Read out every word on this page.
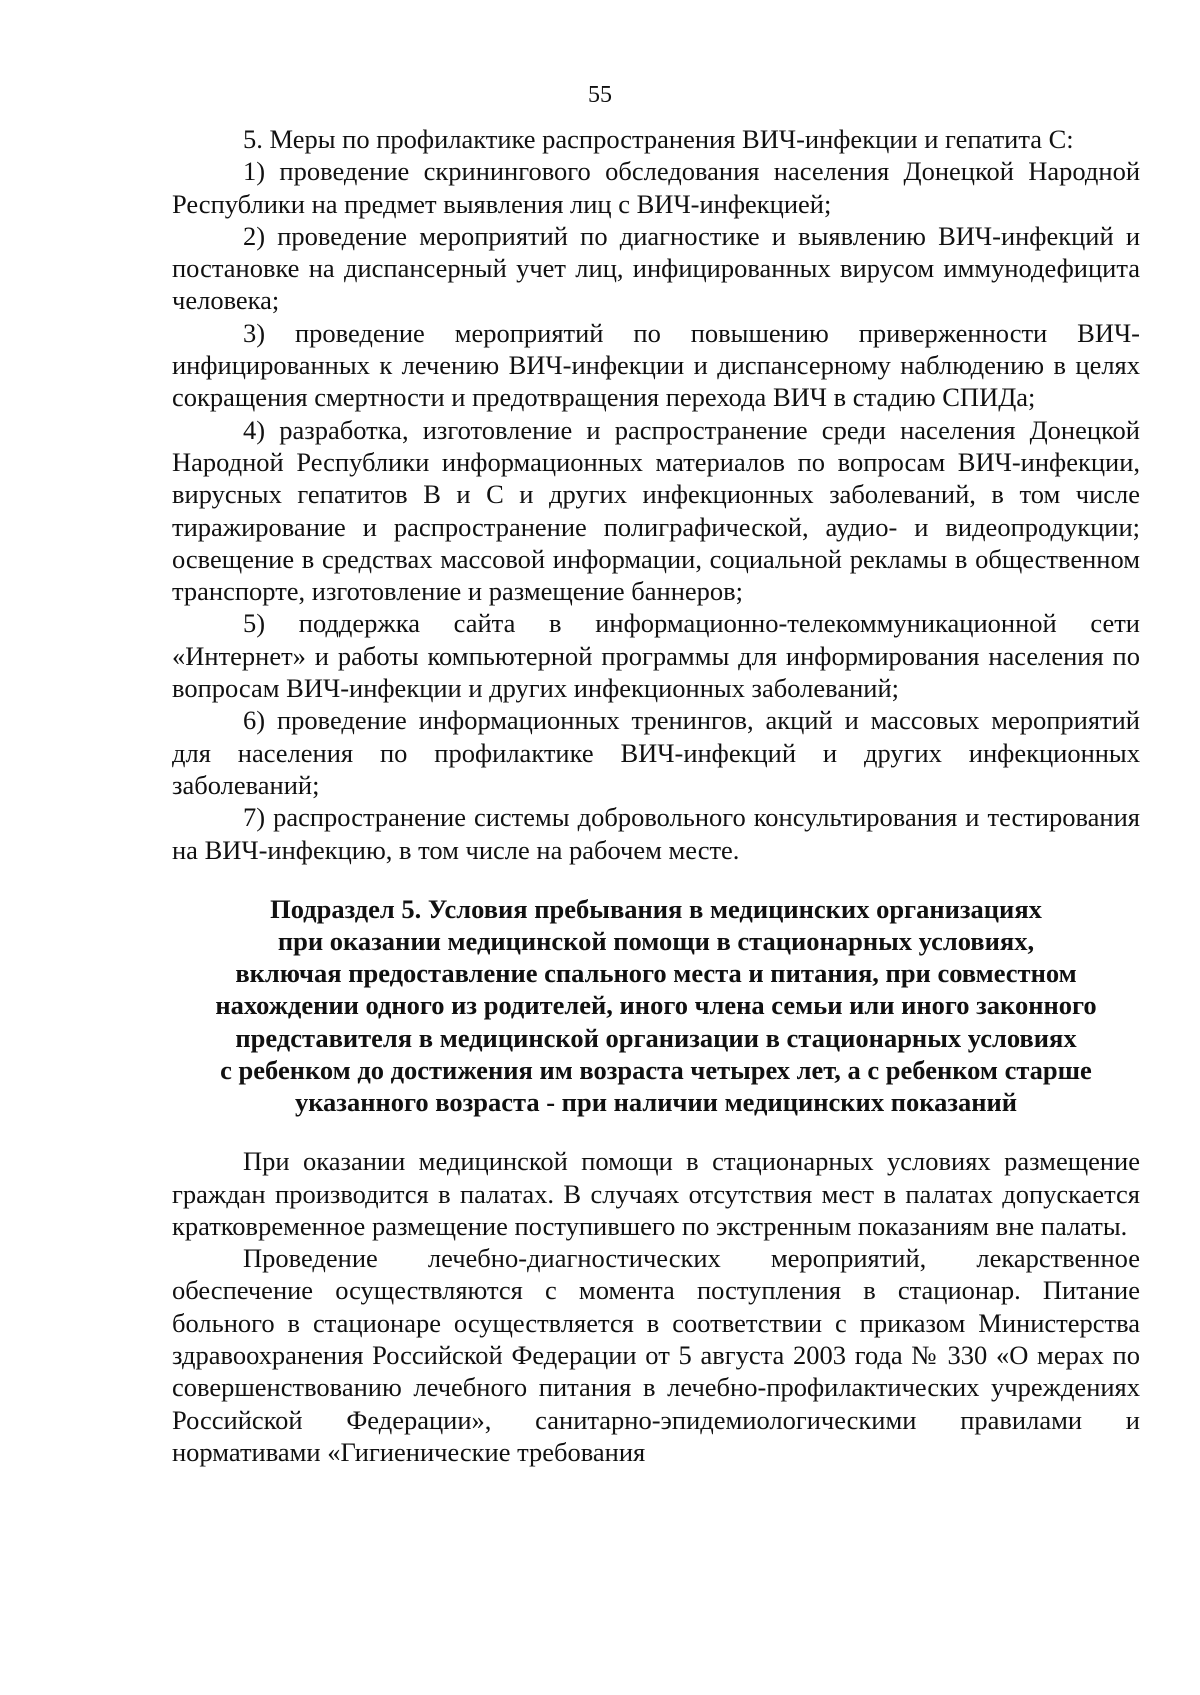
55

5. Меры по профилактике распространения ВИЧ-инфекции и гепатита С:

1) проведение скринингового обследования населения Донецкой Народной Республики на предмет выявления лиц с ВИЧ-инфекцией;

2) проведение мероприятий по диагностике и выявлению ВИЧ-инфекций и постановке на диспансерный учет лиц, инфицированных вирусом иммунодефицита человека;

3) проведение мероприятий по повышению приверженности ВИЧ-инфицированных к лечению ВИЧ-инфекции и диспансерному наблюдению в целях сокращения смертности и предотвращения перехода ВИЧ в стадию СПИДа;

4) разработка, изготовление и распространение среди населения Донецкой Народной Республики информационных материалов по вопросам ВИЧ-инфекции, вирусных гепатитов В и С и других инфекционных заболеваний, в том числе тиражирование и распространение полиграфической, аудио- и видеопродукции; освещение в средствах массовой информации, социальной рекламы в общественном транспорте, изготовление и размещение баннеров;

5) поддержка сайта в информационно-телекоммуникационной сети «Интернет» и работы компьютерной программы для информирования населения по вопросам ВИЧ-инфекции и других инфекционных заболеваний;

6) проведение информационных тренингов, акций и массовых мероприятий для населения по профилактике ВИЧ-инфекций и других инфекционных заболеваний;

7) распространение системы добровольного консультирования и тестирования на ВИЧ-инфекцию, в том числе на рабочем месте.

Подраздел 5. Условия пребывания в медицинских организациях

при оказании медицинской помощи в стационарных условиях,

включая предоставление спального места и питания, при совместном

нахождении одного из родителей, иного члена семьи или иного законного

представителя в медицинской организации в стационарных условиях

с ребенком до достижения им возраста четырех лет, а с ребенком старше

указанного возраста - при наличии медицинских показаний

При оказании медицинской помощи в стационарных условиях размещение граждан производится в палатах. В случаях отсутствия мест в палатах допускается кратковременное размещение поступившего по экстренным показаниям вне палаты.

Проведение лечебно-диагностических мероприятий, лекарственное обеспечение осуществляются с момента поступления в стационар. Питание больного в стационаре осуществляется в соответствии с приказом Министерства здравоохранения Российской Федерации от 5 августа 2003 года № 330 «О мерах по совершенствованию лечебного питания в лечебно-профилактических учреждениях Российской Федерации», санитарно-эпидемиологическими правилами и нормативами «Гигиенические требования
